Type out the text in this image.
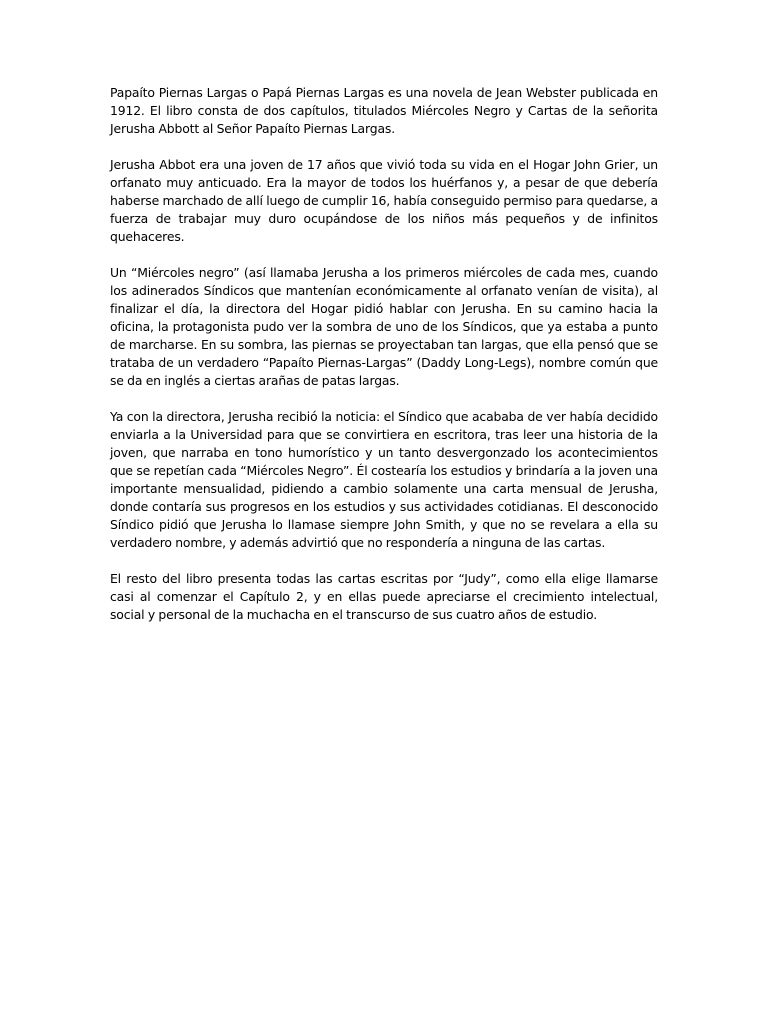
Papaíto Piernas Largas o Papá Piernas Largas es una novela de Jean Webster publicada en 1912. El libro consta de dos capítulos, titulados Miércoles Negro y Cartas de la señorita Jerusha Abbott al Señor Papaíto Piernas Largas.

Jerusha Abbot era una joven de 17 años que vivió toda su vida en el Hogar John Grier, un orfanato muy anticuado. Era la mayor de todos los huérfanos y, a pesar de que debería haberse marchado de allí luego de cumplir 16, había conseguido permiso para quedarse, a fuerza de trabajar muy duro ocupándose de los niños más pequeños y de infinitos quehaceres.

Un “Miércoles negro” (así llamaba Jerusha a los primeros miércoles de cada mes, cuando los adinerados Síndicos que mantenían económicamente al orfanato venían de visita), al finalizar el día, la directora del Hogar pidió hablar con Jerusha. En su camino hacia la oficina, la protagonista pudo ver la sombra de uno de los Síndicos, que ya estaba a punto de marcharse. En su sombra, las piernas se proyectaban tan largas, que ella pensó que se trataba de un verdadero “Papaíto Piernas-Largas” (Daddy Long-Legs), nombre común que se da en inglés a ciertas arañas de patas largas.

Ya con la directora, Jerusha recibió la noticia: el Síndico que acababa de ver había decidido enviarla a la Universidad para que se convirtiera en escritora, tras leer una historia de la joven, que narraba en tono humorístico y un tanto desvergonzado los acontecimientos que se repetían cada “Miércoles Negro”. Él costearía los estudios y brindaría a la joven una importante mensualidad, pidiendo a cambio solamente una carta mensual de Jerusha, donde contaría sus progresos en los estudios y sus actividades cotidianas. El desconocido Síndico pidió que Jerusha lo llamase siempre John Smith, y que no se revelara a ella su verdadero nombre, y además advirtió que no respondería a ninguna de las cartas.

El resto del libro presenta todas las cartas escritas por “Judy”, como ella elige llamarse casi al comenzar el Capítulo 2, y en ellas puede apreciarse el crecimiento intelectual, social y personal de la muchacha en el transcurso de sus cuatro años de estudio.
